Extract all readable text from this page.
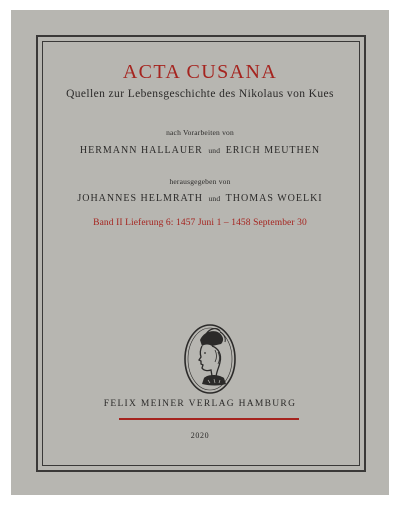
ACTA CUSANA
Quellen zur Lebensgeschichte des Nikolaus von Kues
nach Vorarbeiten von
HERMANN HALLAUER und ERICH MEUTHEN
herausgegeben von
JOHANNES HELMRATH und THOMAS WOELKI
Band II Lieferung 6: 1457 Juni 1 – 1458 September 30
FELIX MEINER VERLAG HAMBURG
2020
